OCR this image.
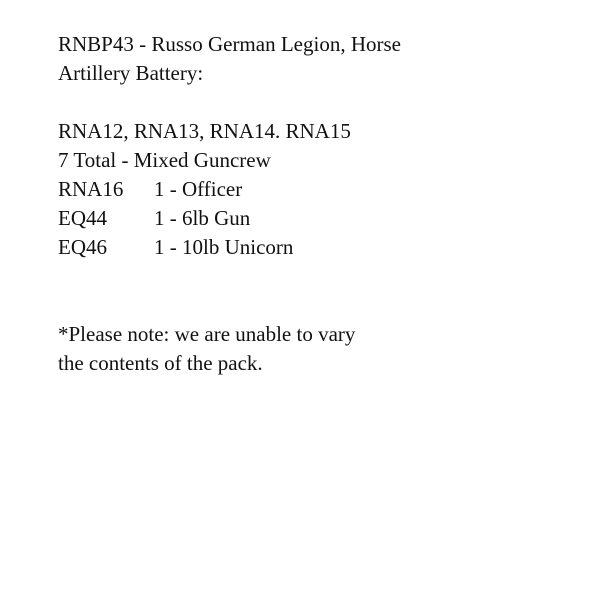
RNBP43 - Russo German Legion, Horse
Artillery Battery:
RNA12, RNA13, RNA14. RNA15
7 Total - Mixed Guncrew
RNA16	1 - Officer
EQ44	1 - 6lb Gun
EQ46	1 - 10lb Unicorn
*Please note: we are unable to vary
the contents of the pack.
